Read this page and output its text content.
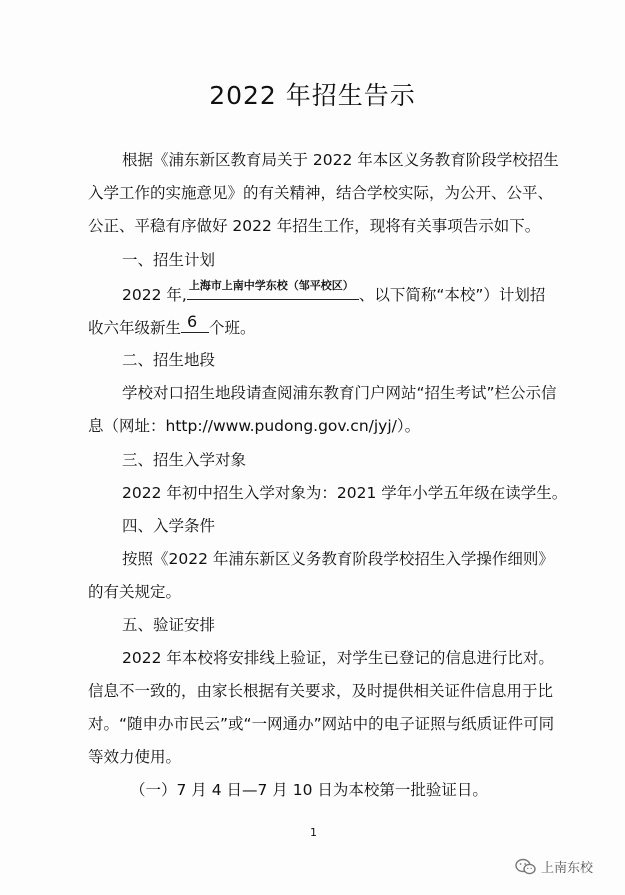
2022 年招生告示
根据《浦东新区教育局关于 2022 年本区义务教育阶段学校招生
入学工作的实施意见》的有关精神，结合学校实际，为公开、公平、
公正、平稳有序做好 2022 年招生工作，现将有关事项告示如下。
一、招生计划
2022 年,
上海市上南中学东校（邹平校区）
、以下简称“本校”）计划招
收六年级新生 6 个班。
二、招生地段
学校对口招生地段请查阅浦东教育门户网站“招生考试”栏公示信
息（网址：http://www.pudong.gov.cn/jyj/）。
三、招生入学对象
2022 年初中招生入学对象为：2021 学年小学五年级在读学生。
四、入学条件
按照《2022 年浦东新区义务教育阶段学校招生入学操作细则》
的有关规定。
五、验证安排
2022 年本校将安排线上验证，对学生已登记的信息进行比对。
信息不一致的，由家长根据有关要求，及时提供相关证件信息用于比
对。“随申办市民云”或“一网通办”网站中的电子证照与纸质证件可同
等效力使用。
（一）7 月 4 日—7 月 10 日为本校第一批验证日。
1
上南东校
